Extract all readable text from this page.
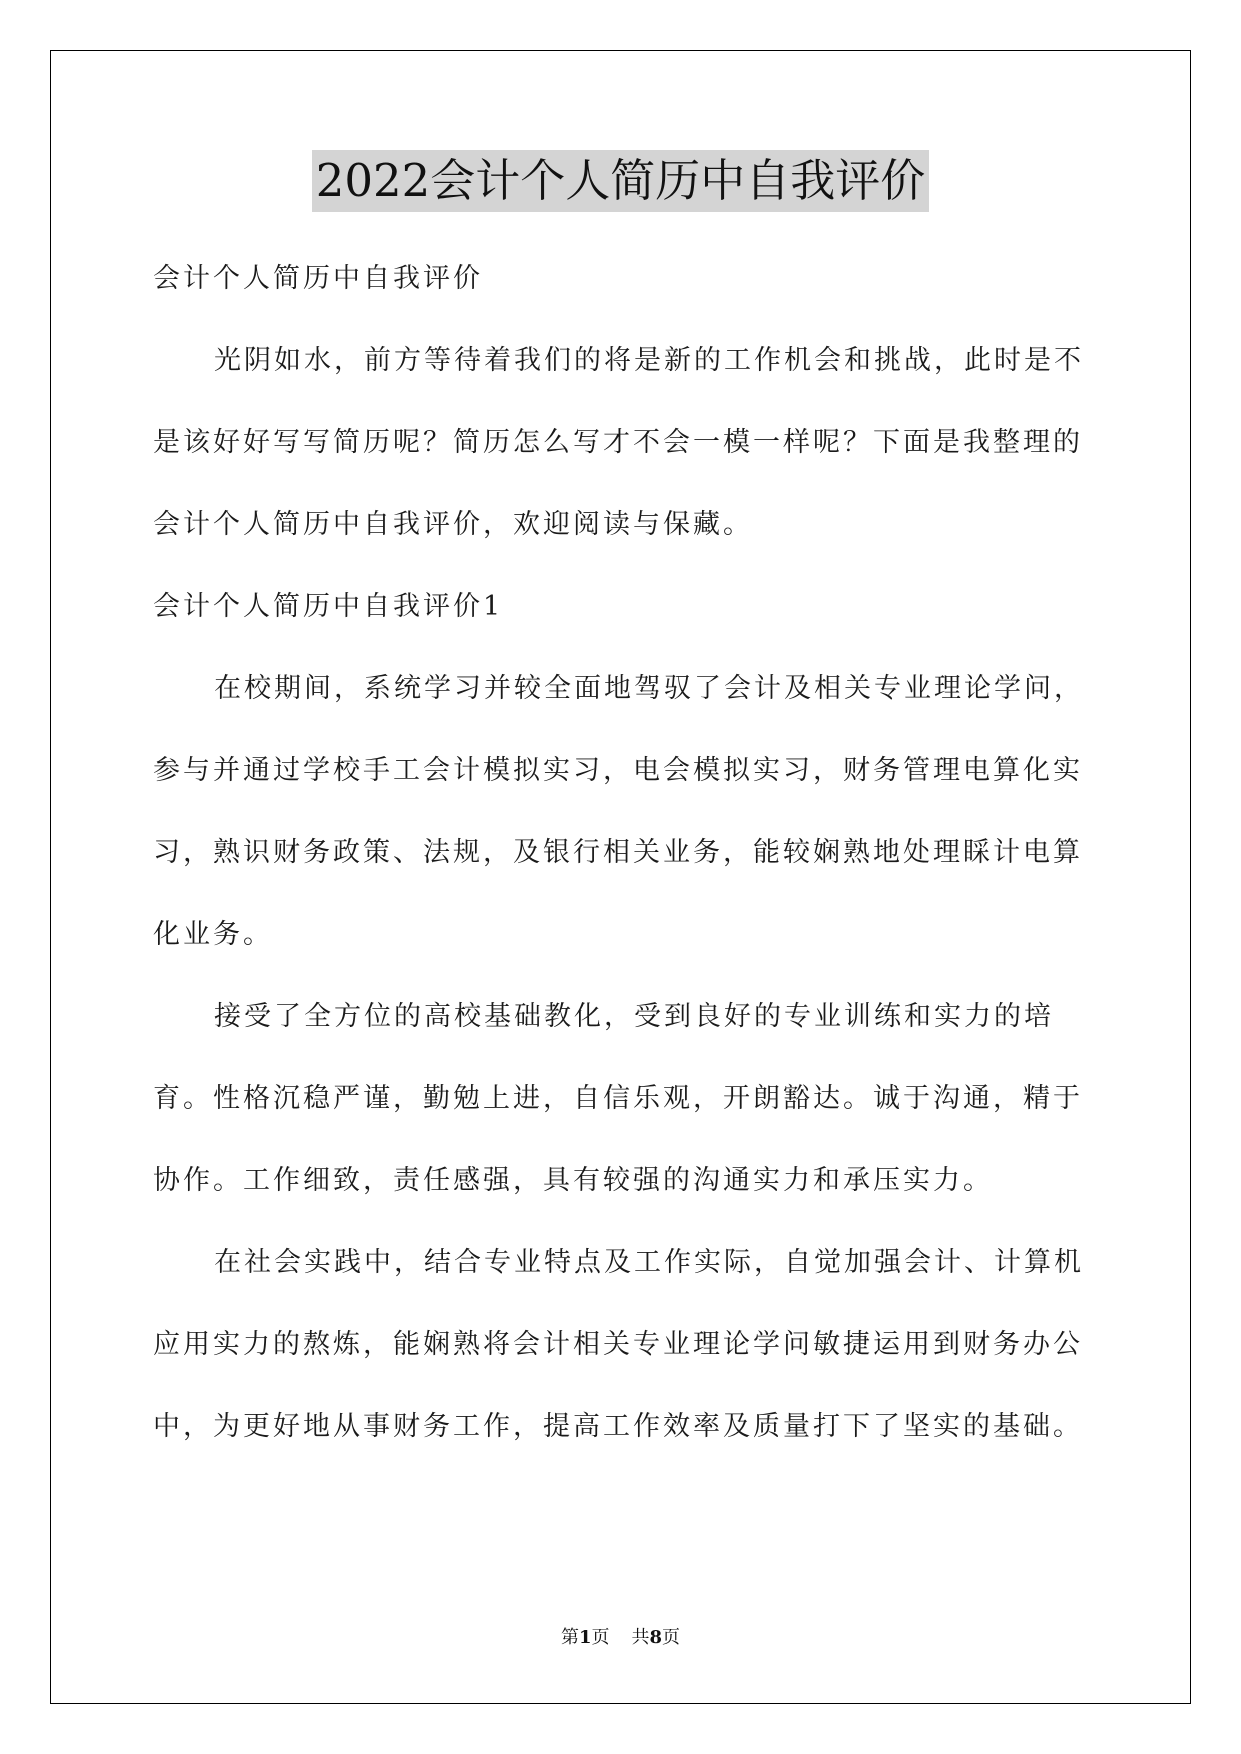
2022会计个人简历中自我评价

会计个人简历中自我评价

光阴如水，前方等待着我们的将是新的工作机会和挑战，此时是不是该好好写写简历呢？简历怎么写才不会一模一样呢？下面是我整理的会计个人简历中自我评价，欢迎阅读与保藏。

会计个人简历中自我评价1

在校期间，系统学习并较全面地驾驭了会计及相关专业理论学问，参与并通过学校手工会计模拟实习，电会模拟实习，财务管理电算化实习，熟识财务政策、法规，及银行相关业务，能较娴熟地处理睬计电算化业务。

接受了全方位的高校基础教化，受到良好的专业训练和实力的培育。性格沉稳严谨，勤勉上进，自信乐观，开朗豁达。诚于沟通，精于协作。工作细致，责任感强，具有较强的沟通实力和承压实力。

在社会实践中，结合专业特点及工作实际，自觉加强会计、计算机应用实力的熬炼，能娴熟将会计相关专业理论学问敏捷运用到财务办公中，为更好地从事财务工作，提高工作效率及质量打下了坚实的基础。

第1页 共8页
